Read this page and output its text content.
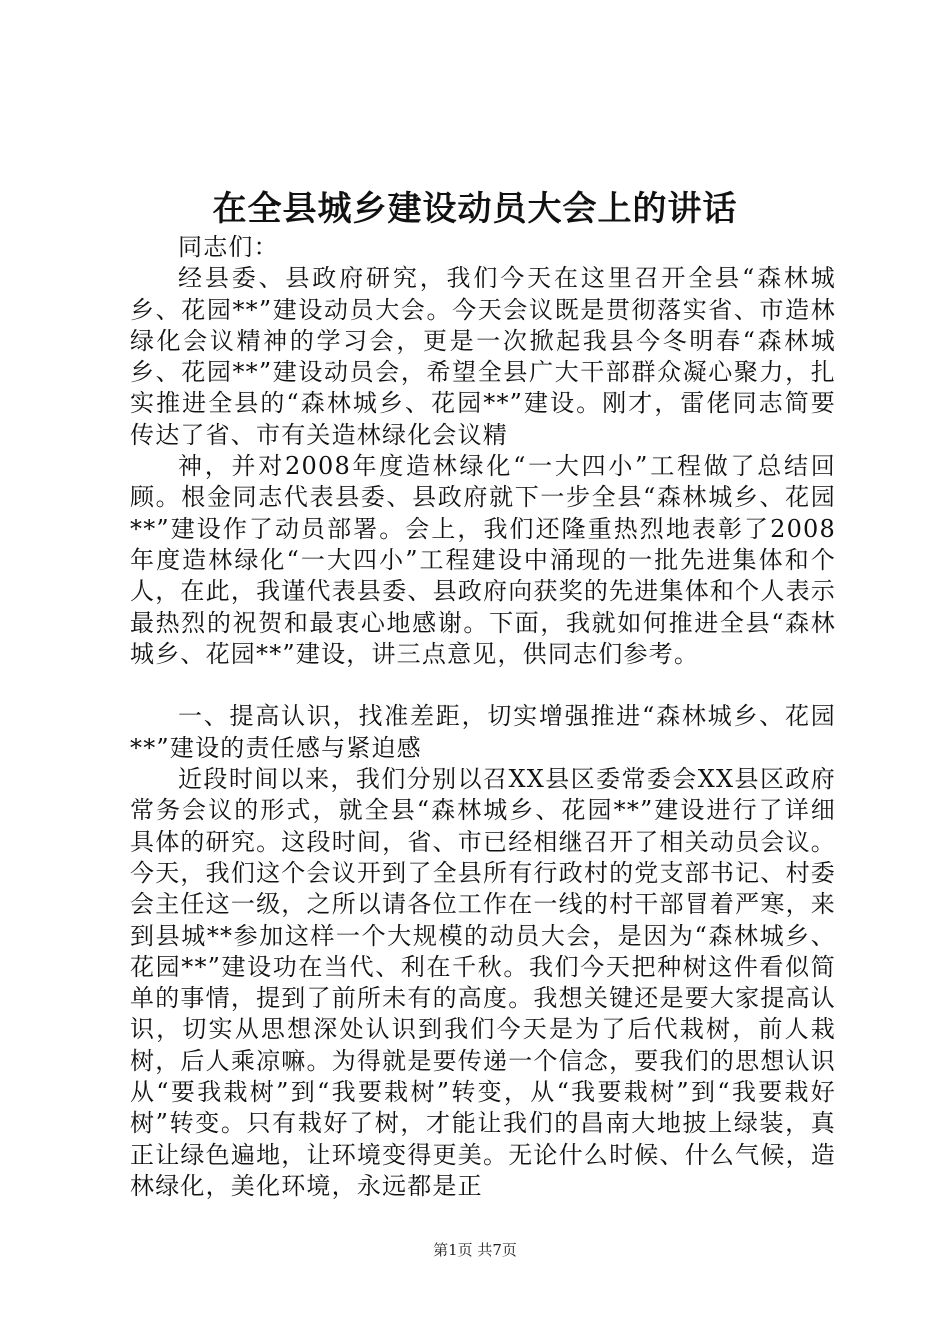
在全县城乡建设动员大会上的讲话

同志们：

经县委、县政府研究，我们今天在这里召开全县“森林城乡、花园**”建设动员大会。今天会议既是贯彻落实省、市造林绿化会议精神的学习会，更是一次掀起我县今冬明春“森林城乡、花园**”建设动员会，希望全县广大干部群众凝心聚力，扎实推进全县的“森林城乡、花园**”建设。刚才，雷佬同志简要传达了省、市有关造林绿化会议精

神，并对2008年度造林绿化“一大四小”工程做了总结回顾。根金同志代表县委、县政府就下一步全县“森林城乡、花园**”建设作了动员部署。会上，我们还隆重热烈地表彰了2008年度造林绿化“一大四小”工程建设中涌现的一批先进集体和个人，在此，我谨代表县委、县政府向获奖的先进集体和个人表示最热烈的祝贺和最衷心地感谢。下面，我就如何推进全县“森林城乡、花园**”建设，讲三点意见，供同志们参考。

一、提高认识，找准差距，切实增强推进“森林城乡、花园**”建设的责任感与紧迫感

近段时间以来，我们分别以召XX县区委常委会XX县区政府常务会议的形式，就全县“森林城乡、花园**”建设进行了详细具体的研究。这段时间，省、市已经相继召开了相关动员会议。今天，我们这个会议开到了全县所有行政村的党支部书记、村委会主任这一级，之所以请各位工作在一线的村干部冒着严寒，来到县城**参加这样一个大规模的动员大会，是因为“森林城乡、花园**”建设功在当代、利在千秋。我们今天把种树这件看似简单的事情，提到了前所未有的高度。我想关键还是要大家提高认识，切实从思想深处认识到我们今天是为了后代栽树，前人栽树，后人乘凉嘛。为得就是要传递一个信念，要我们的思想认识从“要我栽树”到“我要栽树”转变，从“我要栽树”到“我要栽好树”转变。只有栽好了树，才能让我们的昌南大地披上绿装，真正让绿色遍地，让环境变得更美。无论什么时候、什么气候，造林绿化，美化环境，永远都是正

第1页 共7页
